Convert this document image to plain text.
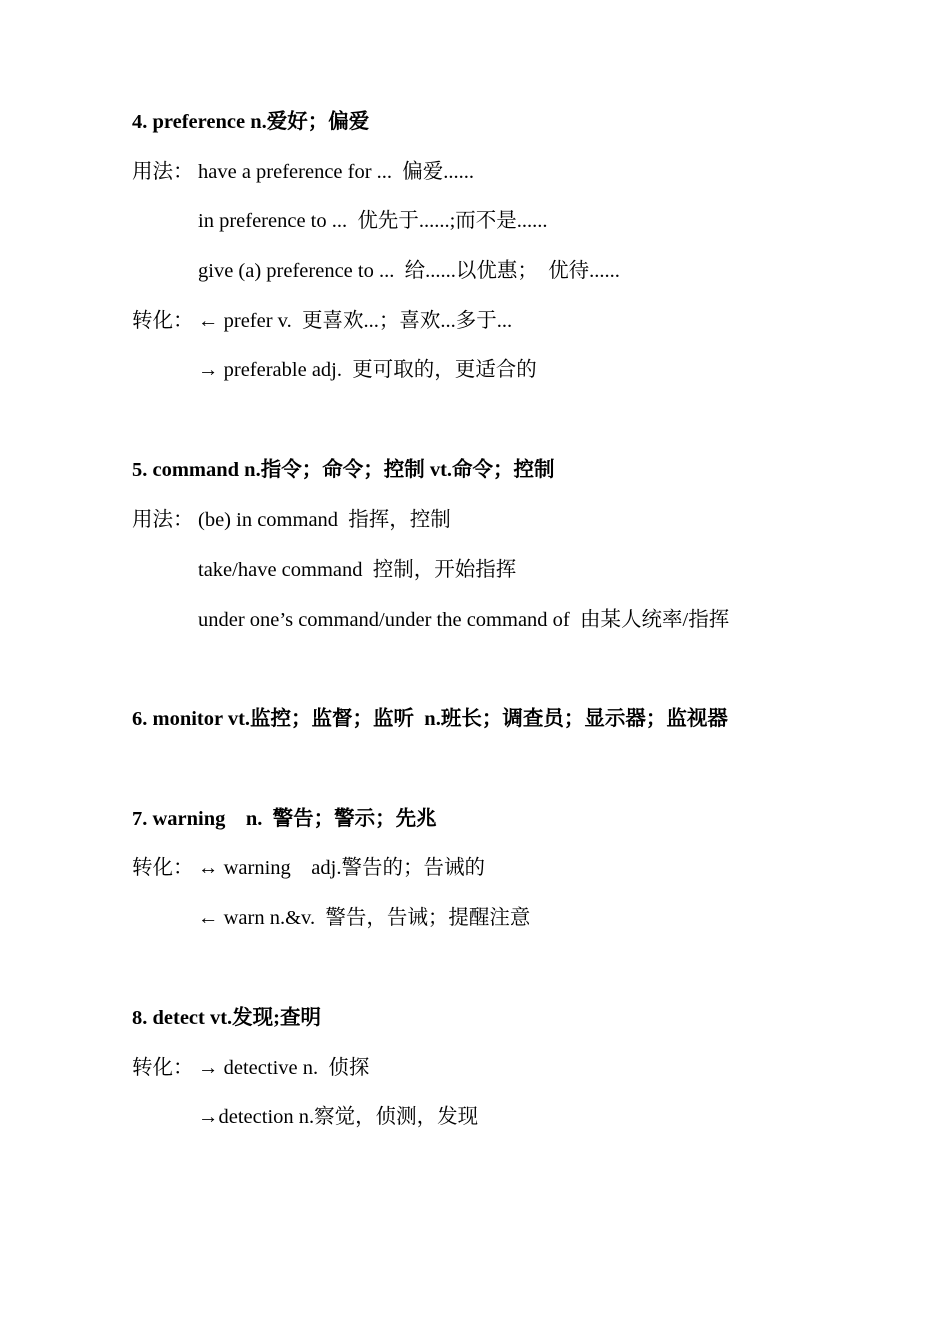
4. preference n.爱好；偏爱
用法： have a preference for ...  偏爱......
in preference to ...  优先于......;而不是......
give (a) preference to ...  给......以优惠；  优待......
转化： ← prefer v.  更喜欢...；喜欢...多于...
→ preferable adj.  更可取的，更适合的
5. command n.指令；命令；控制 vt.命令；控制
用法： (be) in command  指挥，控制
take/have command  控制，开始指挥
under one’s command/under the command of  由某人统率/指挥
6. monitor vt.监控；监督；监听  n.班长；调查员；显示器；监视器
7. warning    n.  警告；警示；先兆
转化： ↔ warning    adj.警告的；告诫的
← warn n.&v.  警告，告诫；提醒注意
8. detect vt.发现;查明
转化： → detective n.  侦探
→detection n.察觉，侦测，发现
